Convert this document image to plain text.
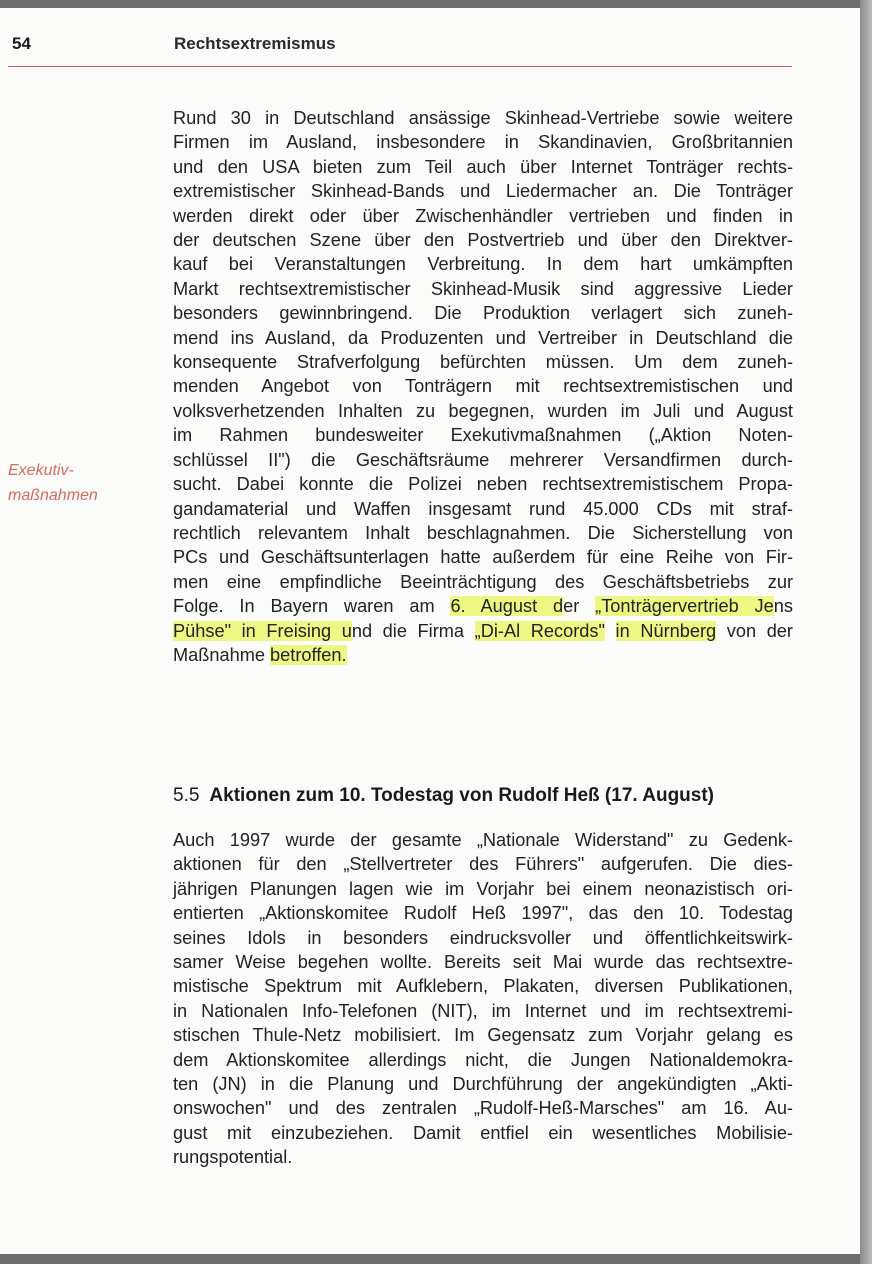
54	Rechtsextremismus
Exekutiv-
maßnahmen
Rund 30 in Deutschland ansässige Skinhead-Vertriebe sowie weitere
Firmen im Ausland, insbesondere in Skandinavien, Großbritannien
und den USA bieten zum Teil auch über Internet Tonträger rechts-
extremistischer Skinhead-Bands und Liedermacher an. Die Tonträger
werden direkt oder über Zwischenhändler vertrieben und finden in
der deutschen Szene über den Postvertrieb und über den Direktver-
kauf bei Veranstaltungen Verbreitung. In dem hart umkämpften
Markt rechtsextremistischer Skinhead-Musik sind aggressive Lieder
besonders gewinnbringend. Die Produktion verlagert sich zuneh-
mend ins Ausland, da Produzenten und Vertreiber in Deutschland die
konsequente Strafverfolgung befürchten müssen. Um dem zuneh-
menden Angebot von Tonträgern mit rechtsextremistischen und
volksverhetzenden Inhalten zu begegnen, wurden im Juli und August
im Rahmen bundesweiter Exekutivmaßnahmen („Aktion Noten-
schlüssel II") die Geschäftsräume mehrerer Versandfirmen durch-
sucht. Dabei konnte die Polizei neben rechtsextremistischem Propa-
gandamaterial und Waffen insgesamt rund 45.000 CDs mit straf-
rechtlich relevantem Inhalt beschlagnahmen. Die Sicherstellung von
PCs und Geschäftsunterlagen hatte außerdem für eine Reihe von Fir-
men eine empfindliche Beeinträchtigung des Geschäftsbetriebs zur
Folge. In Bayern waren am 6. August der „Tonträgervertrieb Jens
Pühse" in Freising und die Firma „Di-Al Records" in Nürnberg von der
Maßnahme betroffen.
5.5 Aktionen zum 10. Todestag von Rudolf Heß (17. August)
Auch 1997 wurde der gesamte „Nationale Widerstand" zu Gedenk-
aktionen für den „Stellvertreter des Führers" aufgerufen. Die dies-
jährigen Planungen lagen wie im Vorjahr bei einem neonazistisch ori-
entierten „Aktionskomitee Rudolf Heß 1997", das den 10. Todestag
seines Idols in besonders eindrucksvoller und öffentlichkeitswirk-
samer Weise begehen wollte. Bereits seit Mai wurde das rechtsextre-
mistische Spektrum mit Aufklebern, Plakaten, diversen Publikationen,
in Nationalen Info-Telefonen (NIT), im Internet und im rechtsextremi-
stischen Thule-Netz mobilisiert. Im Gegensatz zum Vorjahr gelang es
dem Aktionskomitee allerdings nicht, die Jungen Nationaldemokra-
ten (JN) in die Planung und Durchführung der angekündigten „Akti-
onswochen" und des zentralen „Rudolf-Heß-Marsches" am 16. Au-
gust mit einzubeziehen. Damit entfiel ein wesentliches Mobilisie-
rungspotential.
